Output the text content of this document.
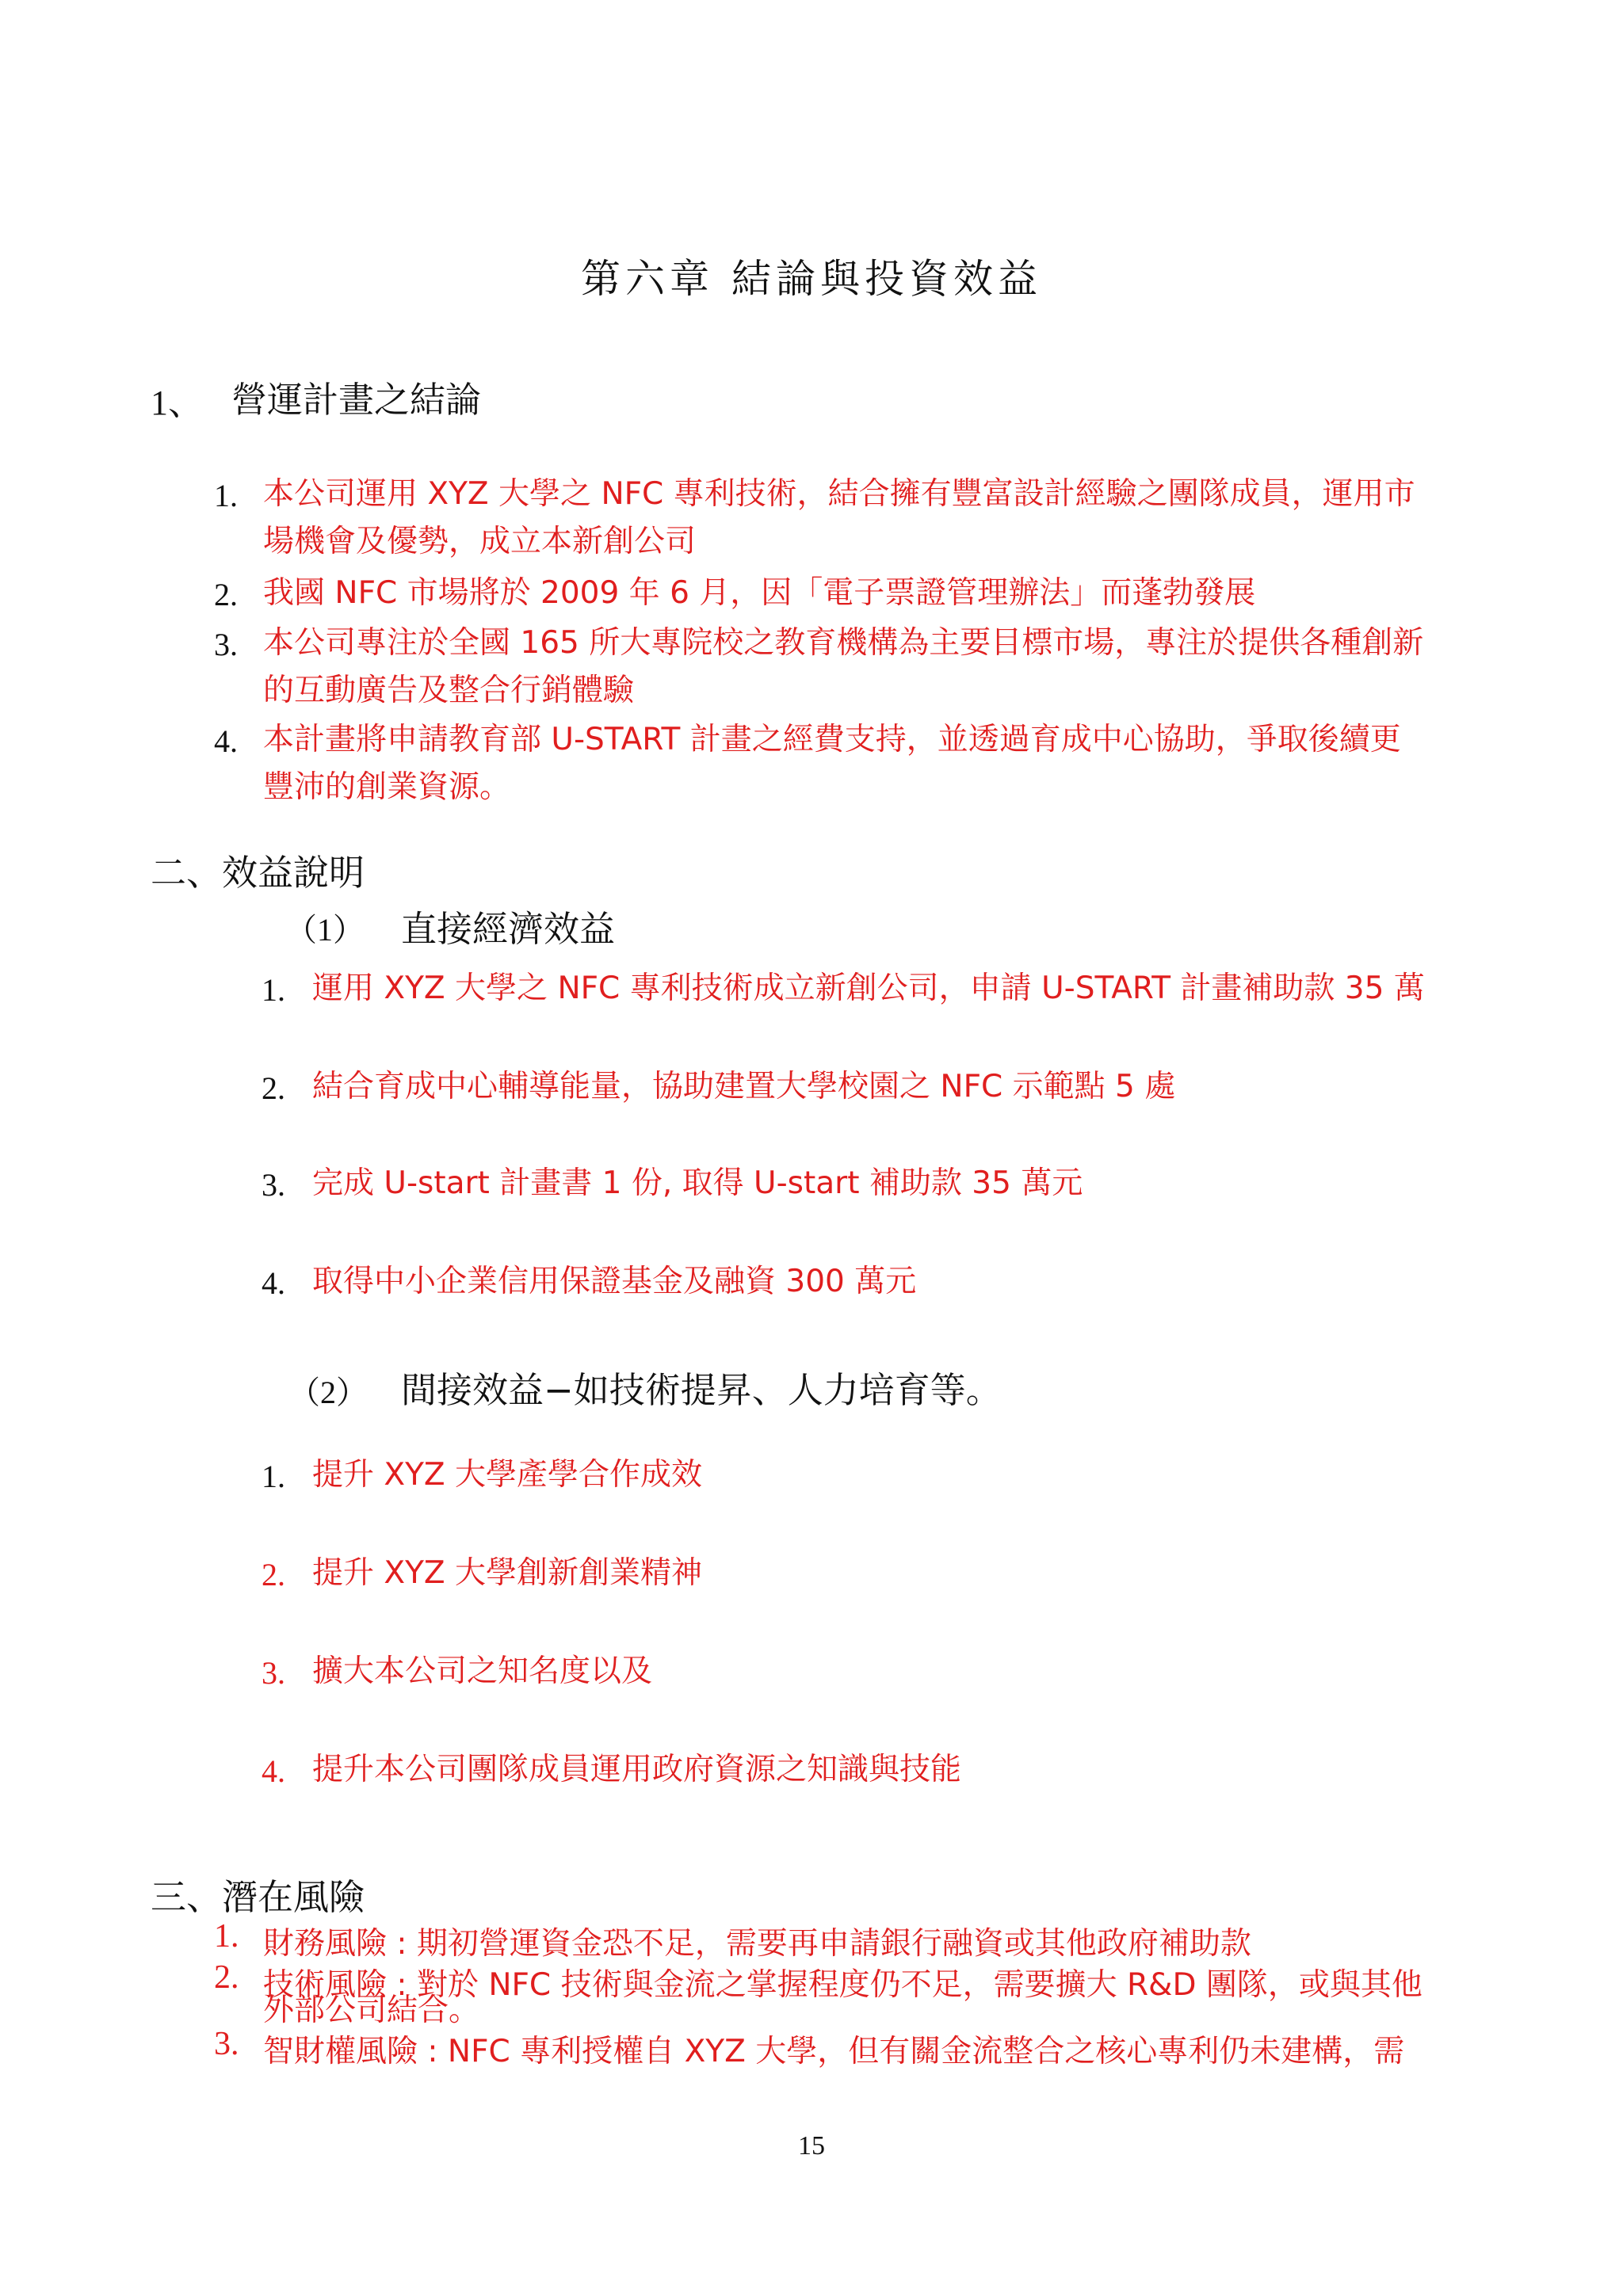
第六章 結論與投資效益
1、 營運計畫之結論
1. 本公司運用 XYZ 大學之 NFC 專利技術，結合擁有豐富設計經驗之團隊成員，運用市
場機會及優勢，成立本新創公司
2. 我國 NFC 市場將於 2009 年 6 月，因「電子票證管理辦法」而蓬勃發展
3. 本公司專注於全國 165 所大專院校之教育機構為主要目標市場，專注於提供各種創新
的互動廣告及整合行銷體驗
4. 本計畫將申請教育部 U-START 計畫之經費支持，並透過育成中心協助，爭取後續更
豐沛的創業資源。
二、效益說明
（1） 直接經濟效益
1. 運用 XYZ 大學之 NFC 專利技術成立新創公司，申請 U-START 計畫補助款 35 萬
2. 結合育成中心輔導能量，協助建置大學校園之 NFC 示範點 5 處
3. 完成 U-start 計畫書 1 份, 取得 U-start 補助款 35 萬元
4. 取得中小企業信用保證基金及融資 300 萬元
（2） 間接效益−如技術提昇、人力培育等。
1. 提升 XYZ 大學產學合作成效
2. 提升 XYZ 大學創新創業精神
3. 擴大本公司之知名度以及
4. 提升本公司團隊成員運用政府資源之知識與技能
三、潛在風險
1. 財務風險 : 期初營運資金恐不足，需要再申請銀行融資或其他政府補助款
2. 技術風險 : 對於 NFC 技術與金流之掌握程度仍不足，需要擴大 R&D 團隊，或與其他
外部公司結合。
3. 智財權風險 : NFC 專利授權自 XYZ 大學，但有關金流整合之核心專利仍未建構，需
15
